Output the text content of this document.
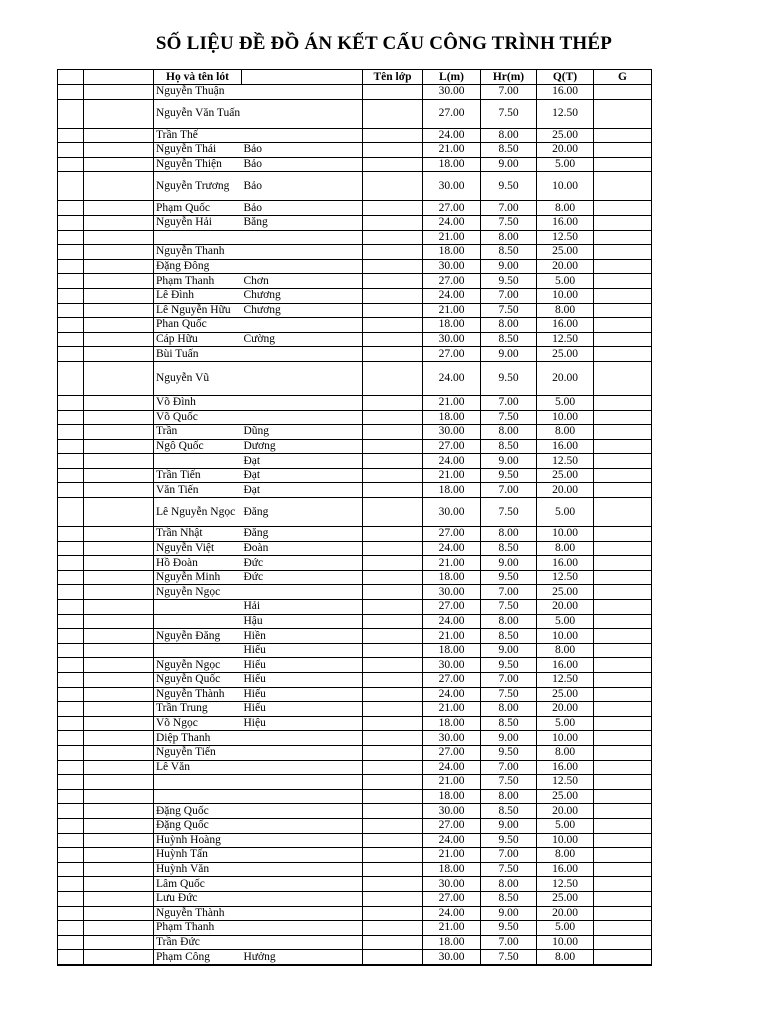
SỐ LIỆU ĐỀ ĐỒ ÁN KẾT CẤU CÔNG TRÌNH THÉP
		Họ và tên lót		Tên lớp	L(m)	Hr(m)	Q(T)	G
		Nguyễn Thuận			30.00	7.00	16.00	
		Nguyễn Văn Tuấn			27.00	7.50	12.50	
		Trần Thế			24.00	8.00	25.00	
		Nguyễn Thái	Bảo		21.00	8.50	20.00	
		Nguyễn Thiện	Bảo		18.00	9.00	5.00	
		Nguyễn Trương	Bảo		30.00	9.50	10.00	
		Phạm Quốc	Bảo		27.00	7.00	8.00	
		Nguyễn Hải	Băng		24.00	7.50	16.00	
					21.00	8.00	12.50	
		Nguyễn Thanh			18.00	8.50	25.00	
		Đặng Đông			30.00	9.00	20.00	
		Phạm Thanh	Chơn		27.00	9.50	5.00	
		Lê Đình	Chương		24.00	7.00	10.00	
		Lê Nguyễn Hữu	Chương		21.00	7.50	8.00	
		Phan Quốc			18.00	8.00	16.00	
		Cáp Hữu	Cường		30.00	8.50	12.50	
		Bùi Tuấn			27.00	9.00	25.00	
		Nguyễn Vũ			24.00	9.50	20.00	
		Võ Đình			21.00	7.00	5.00	
		Võ Quốc			18.00	7.50	10.00	
		Trần	Dũng		30.00	8.00	8.00	
		Ngô Quốc	Dương		27.00	8.50	16.00	
			Đạt		24.00	9.00	12.50	
		Trần Tiến	Đạt		21.00	9.50	25.00	
		Văn Tiến	Đạt		18.00	7.00	20.00	
		Lê Nguyễn Ngọc	Đăng		30.00	7.50	5.00	
		Trần Nhật	Đăng		27.00	8.00	10.00	
		Nguyễn Việt	Đoàn		24.00	8.50	8.00	
		Hồ Đoàn	Đức		21.00	9.00	16.00	
		Nguyễn Minh	Đức		18.00	9.50	12.50	
		Nguyễn Ngọc			30.00	7.00	25.00	
			Hải		27.00	7.50	20.00	
			Hậu		24.00	8.00	5.00	
		Nguyễn Đăng	Hiền		21.00	8.50	10.00	
			Hiếu		18.00	9.00	8.00	
		Nguyễn Ngọc	Hiếu		30.00	9.50	16.00	
		Nguyễn Quốc	Hiếu		27.00	7.00	12.50	
		Nguyễn Thành	Hiếu		24.00	7.50	25.00	
		Trần Trung	Hiếu		21.00	8.00	20.00	
		Võ Ngọc	Hiệu		18.00	8.50	5.00	
		Diệp Thanh			30.00	9.00	10.00	
		Nguyễn Tiến			27.00	9.50	8.00	
		Lê Văn			24.00	7.00	16.00	
					21.00	7.50	12.50	
					18.00	8.00	25.00	
		Đặng Quốc			30.00	8.50	20.00	
		Đặng Quốc			27.00	9.00	5.00	
		Huỳnh Hoàng			24.00	9.50	10.00	
		Huỳnh Tấn			21.00	7.00	8.00	
		Huỳnh Văn			18.00	7.50	16.00	
		Lâm Quốc			30.00	8.00	12.50	
		Lưu Đức			27.00	8.50	25.00	
		Nguyễn Thành			24.00	9.00	20.00	
		Phạm Thanh			21.00	9.50	5.00	
		Trần Đức			18.00	7.00	10.00	
		Phạm Công	Hưởng		30.00	7.50	8.00	
